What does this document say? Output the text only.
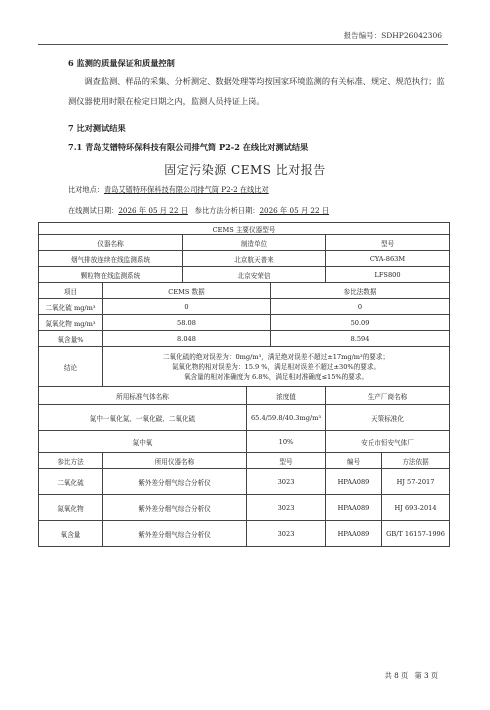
报告编号：SDHP26042306
6 监测的质量保证和质量控制
调查监测、样品的采集、分析测定、数据处理等均按国家环境监测的有关标准、规定、规范执行；监测仪器使用时限在检定日期之内，监测人员持证上岗。
7 比对测试结果
7.1 青岛艾镨特环保科技有限公司排气筒 P2-2 在线比对测试结果
固定污染源 CEMS 比对报告
比对地点：青岛艾镨特环保科技有限公司排气筒 P2-2 在线比对
在线测试日期：2026 年 05 月 22 日 参比方法分析日期：2026 年 05 月 22 日
CEMS 主要仪器型号						
仪器名称		制造单位			型号	
烟气排放连续在线监测系统		北京航天普来			CYA-863M	
颗粒物在线监测系统		北京安荣信			LFS800	
项目	CEMS 数据			参比法数据		
二氧化硫 mg/m³	0			0		
氮氧化物 mg/m³	58.08			50.09		
氧含量%	8.048			8.594		
结论	二氧化硫的绝对误差为：0mg/m³，满足绝对误差不超过±17mg/m³的要求；
氮氧化物的相对误差为：15.9 %，满足相对误差不超过±30%的要求。
氧含量的相对准确度为 6.8%，满足相对准确度≤15%的要求。					

所用标准气体名称			浓度值		生产厂商名称	
氮中一氧化氮、一氧化碳、二氧化硫			65.4/59.8/40.3mg/m³		天策标准化	
氮中氧			10%		安丘市恒安气体厂	
参比方法	所用仪器名称		型号		编号	方法依据
二氧化硫	紫外差分烟气综合分析仪		3023		HPAA089	HJ 57-2017
氮氧化物	紫外差分烟气综合分析仪		3023		HPAA089	HJ 693-2014
氧含量	紫外差分烟气综合分析仪		3023		HPAA089	GB/T 16157-1996
共 8 页 第 3 页
